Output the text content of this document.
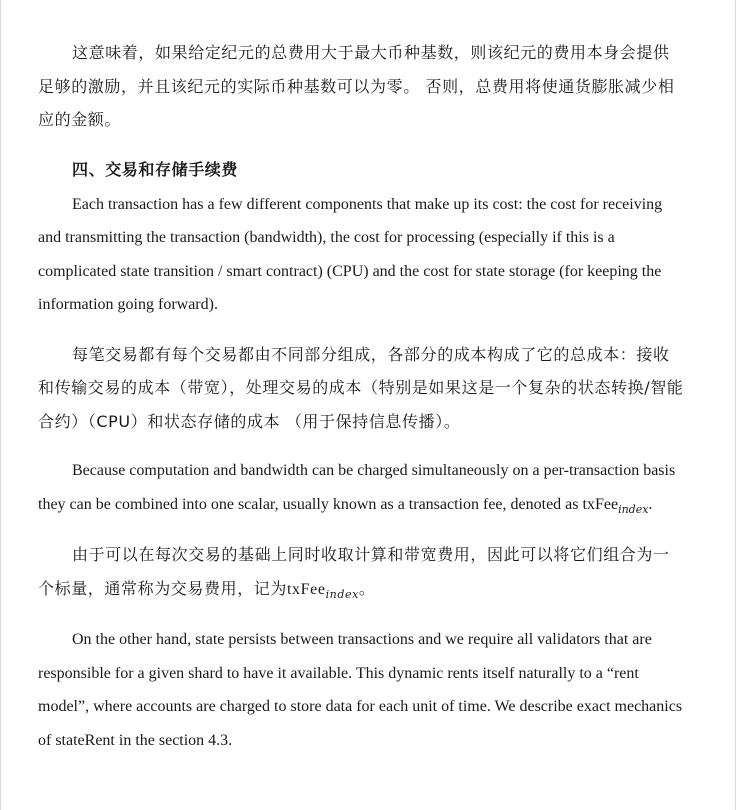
这意味着，如果给定纪元的总费用大于最大币种基数，则该纪元的费用本身会提供足够的激励，并且该纪元的实际币种基数可以为零。 否则，总费用将使通货膨胀减少相应的金额。

四、交易和存储手续费

Each transaction has a few different components that make up its cost: the cost for receiving and transmitting the transaction (bandwidth), the cost for processing (especially if this is a complicated state transition / smart contract) (CPU) and the cost for state storage (for keeping the information going forward).

每笔交易都有每个交易都由不同部分组成，各部分的成本构成了它的总成本：接收和传输交易的成本（带宽），处理交易的成本（特别是如果这是一个复杂的状态转换/智能合约）（CPU）和状态存储的成本 （用于保持信息传播）。

Because computation and bandwidth can be charged simultaneously on a per-transaction basis they can be combined into one scalar, usually known as a transaction fee, denoted as txFee$_{index}$.

由于可以在每次交易的基础上同时收取计算和带宽费用，因此可以将它们组合为一个标量，通常称为交易费用，记为txFee$_{index}$。

On the other hand, state persists between transactions and we require all validators that are responsible for a given shard to have it available. This dynamic rents itself naturally to a “rent model”, where accounts are charged to store data for each unit of time. We describe exact mechanics of stateRent in the section 4.3.
